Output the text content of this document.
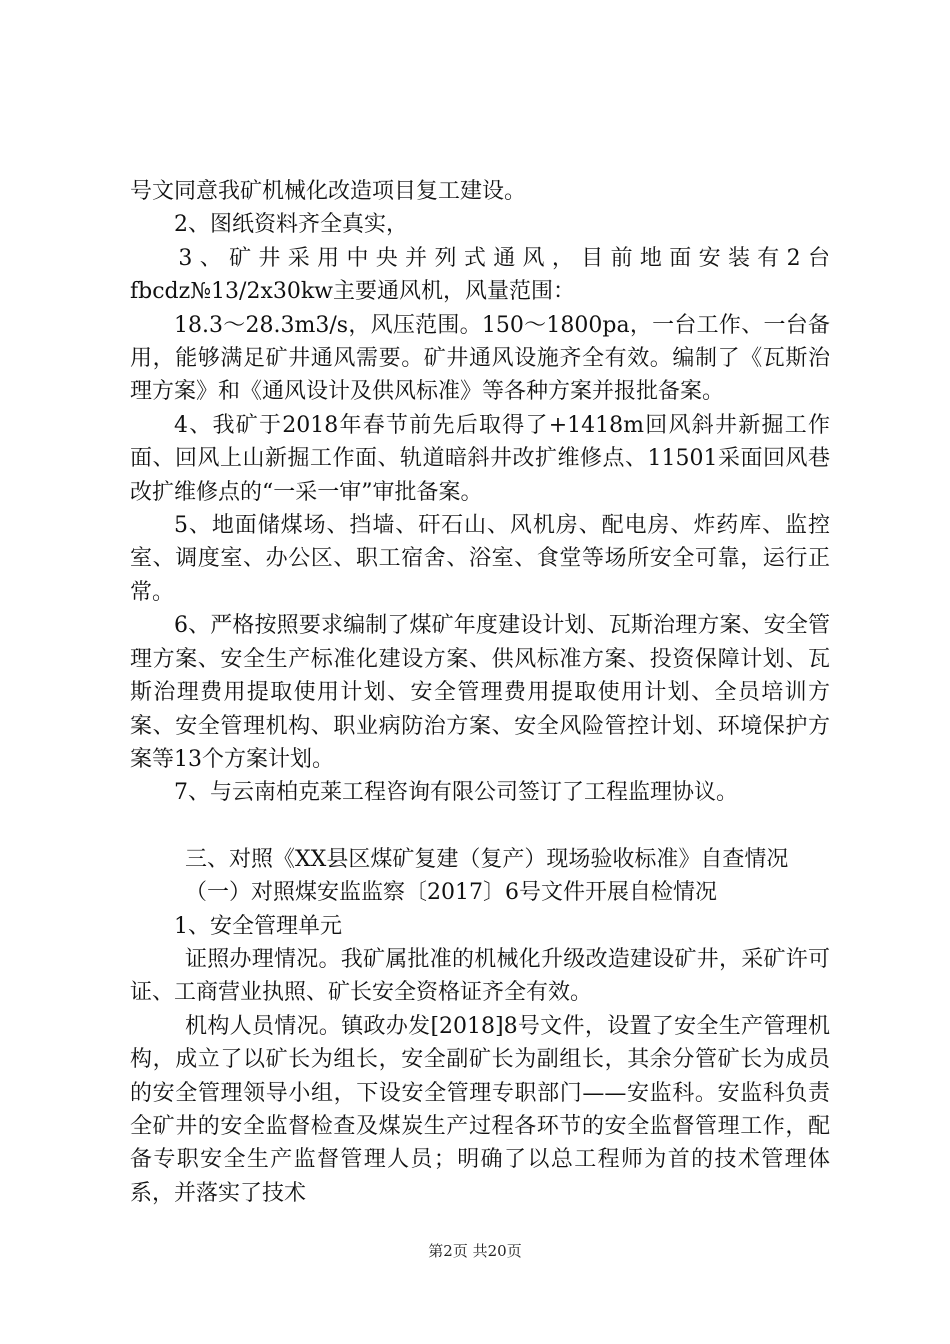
号文同意我矿机械化改造项目复工建设。

2、图纸资料齐全真实，

3、矿井采用中央并列式通风，目前地面安装有2台fbcdz№13/2x30kw主要通风机，风量范围：

18.3～28.3m3/s，风压范围。150～1800pa，一台工作、一台备用，能够满足矿井通风需要。矿井通风设施齐全有效。编制了《瓦斯治理方案》和《通风设计及供风标准》等各种方案并报批备案。

4、我矿于2018年春节前先后取得了+1418m回风斜井新掘工作面、回风上山新掘工作面、轨道暗斜井改扩维修点、11501采面回风巷改扩维修点的“一采一审”审批备案。

5、地面储煤场、挡墙、矸石山、风机房、配电房、炸药库、监控室、调度室、办公区、职工宿舍、浴室、食堂等场所安全可靠，运行正常。

6、严格按照要求编制了煤矿年度建设计划、瓦斯治理方案、安全管理方案、安全生产标准化建设方案、供风标准方案、投资保障计划、瓦斯治理费用提取使用计划、安全管理费用提取使用计划、全员培训方案、安全管理机构、职业病防治方案、安全风险管控计划、环境保护方案等13个方案计划。

7、与云南柏克莱工程咨询有限公司签订了工程监理协议。

三、对照《XX县区煤矿复建（复产）现场验收标准》自查情况

（一）对照煤安监监察〔2017〕6号文件开展自检情况

1、安全管理单元

证照办理情况。我矿属批准的机械化升级改造建设矿井，采矿许可证、工商营业执照、矿长安全资格证齐全有效。

机构人员情况。镇政办发[2018]8号文件，设置了安全生产管理机构，成立了以矿长为组长，安全副矿长为副组长，其余分管矿长为成员的安全管理领导小组，下设安全管理专职部门——安监科。安监科负责全矿井的安全监督检查及煤炭生产过程各环节的安全监督管理工作，配备专职安全生产监督管理人员；明确了以总工程师为首的技术管理体系，并落实了技术

第2页 共20页
